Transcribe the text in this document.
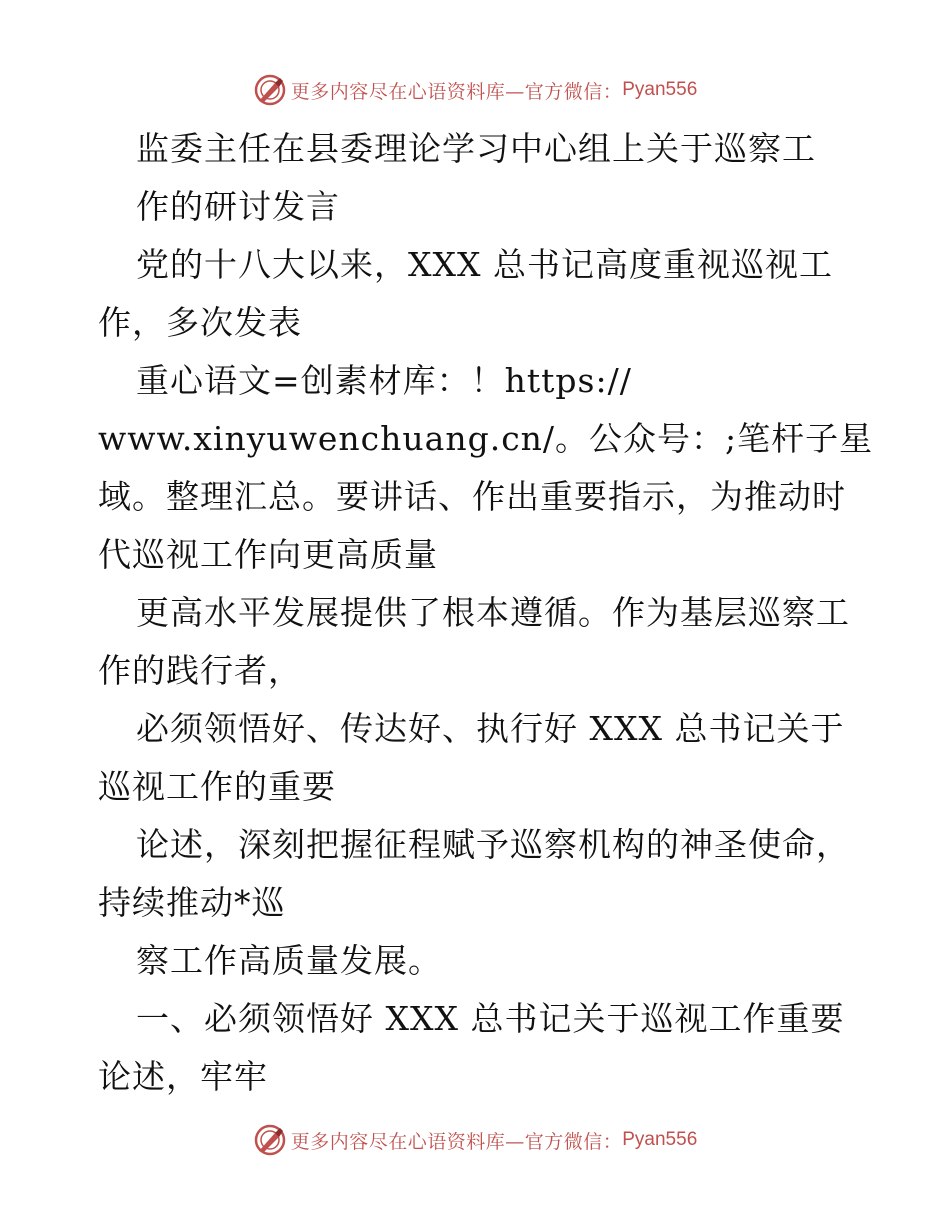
更多内容尽在心语资料库—官方微信： Pyan556
监委主任在县委理论学习中心组上关于巡察工
作的研讨发言
党的十八大以来，XXX 总书记高度重视巡视工
作，多次发表
重心语文=创素材库：！https://
www.xinyuwenchuang.cn/。公众号：;笔杆子星
域。整理汇总。要讲话、作出重要指示，为推动时
代巡视工作向更高质量
更高水平发展提供了根本遵循。作为基层巡察工
作的践行者，
必须领悟好、传达好、执行好 XXX 总书记关于
巡视工作的重要
论述，深刻把握征程赋予巡察机构的神圣使命，
持续推动*巡
察工作高质量发展。
一、必须领悟好 XXX 总书记关于巡视工作重要
论述，牢牢
更多内容尽在心语资料库—官方微信： Pyan556
